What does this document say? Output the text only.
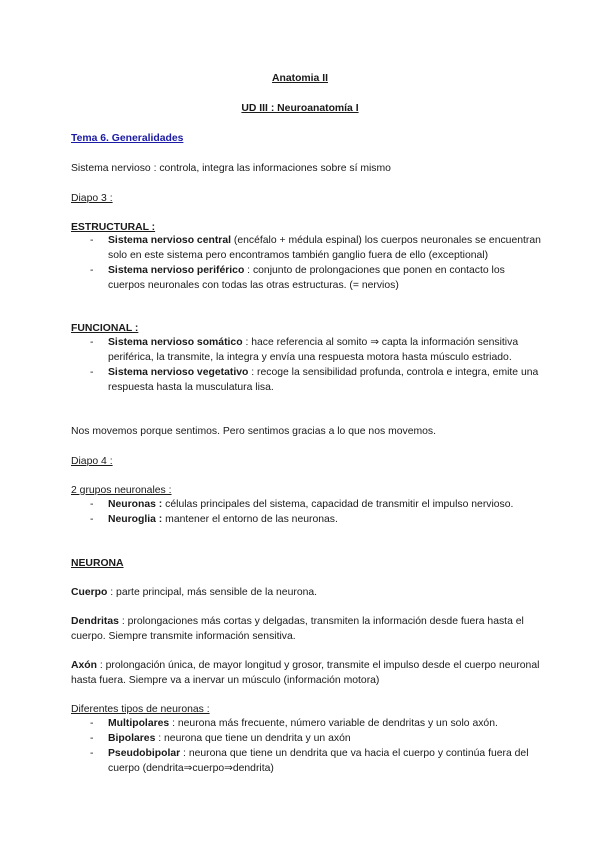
Anatomia II
UD III : Neuroanatomía I
Tema 6. Generalidades
Sistema nervioso : controla, integra las informaciones sobre sí mismo
Diapo 3 :
ESTRUCTURAL :
- Sistema nervioso central (encéfalo + médula espinal) los cuerpos neuronales se encuentran solo en este sistema pero encontramos también ganglio fuera de ello (exceptional)
- Sistema nervioso periférico : conjunto de prolongaciones que ponen en contacto los cuerpos neuronales con todas las otras estructuras. (= nervios)
FUNCIONAL :
- Sistema nervioso somático : hace referencia al somito ⇒ capta la información sensitiva periférica, la transmite, la integra y envía una respuesta motora hasta músculo estriado.
- Sistema nervioso vegetativo : recoge la sensibilidad profunda, controla e integra, emite una respuesta hasta la musculatura lisa.
Nos movemos porque sentimos. Pero sentimos gracias a lo que nos movemos.
Diapo 4 :
2 grupos neuronales :
- Neuronas : células principales del sistema, capacidad de transmitir el impulso nervioso.
- Neuroglia : mantener el entorno de las neuronas.
NEURONA
Cuerpo : parte principal, más sensible de la neurona.
Dendritas : prolongaciones más cortas y delgadas, transmiten la información desde fuera hasta el cuerpo. Siempre transmite información sensitiva.
Axón : prolongación única, de mayor longitud y grosor, transmite el impulso desde el cuerpo neuronal hasta fuera. Siempre va a inervar un músculo (información motora)
Diferentes tipos de neuronas :
- Multipolares : neurona más frecuente, número variable de dendritas y un solo axón.
- Bipolares : neurona que tiene un dendrita y un axón
- Pseudobipolar : neurona que tiene un dendrita que va hacia el cuerpo y continúa fuera del cuerpo (dendrita⇒cuerpo⇒dendrita)
